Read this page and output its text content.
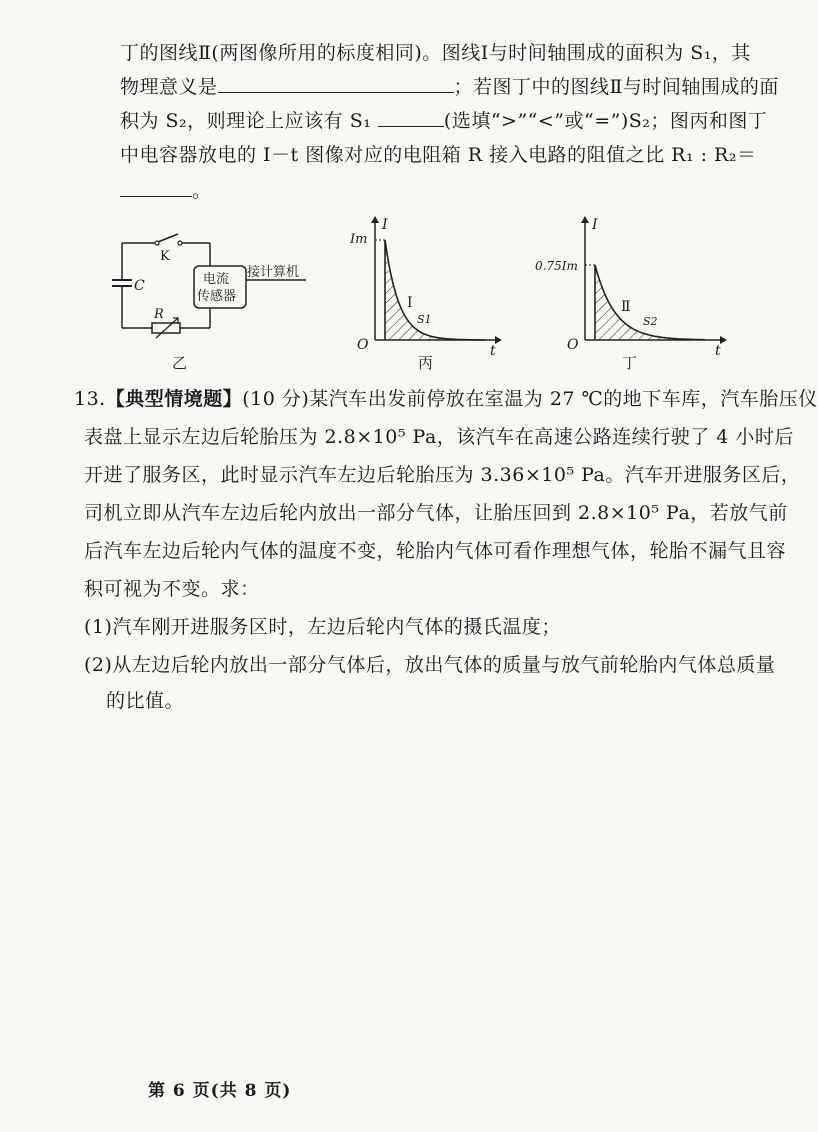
丁的图线Ⅱ(两图像所用的标度相同)。图线Ⅰ与时间轴围成的面积为 S₁，其
物理意义是	；若图丁中的图线Ⅱ与时间轴围成的面
积为 S₂，则理论上应该有 S₁	(选填“>”“<”或“=”)S₂；图丙和图丁
中电容器放电的 I－t 图像对应的电阻箱 R 接入电路的阻值之比 R₁ : R₂＝
。
K
C
R
电流
传感器
接计算机
乙
I
t
O
Im
Ⅰ
S1
丙
I
t
O
0.75Im
Ⅱ
S2
丁
13.【典型情境题】(10 分)某汽车出发前停放在室温为 27 ℃的地下车库，汽车胎压仪
表盘上显示左边后轮胎压为 2.8×10⁵ Pa，该汽车在高速公路连续行驶了 4 小时后
开进了服务区，此时显示汽车左边后轮胎压为 3.36×10⁵ Pa。汽车开进服务区后，
司机立即从汽车左边后轮内放出一部分气体，让胎压回到 2.8×10⁵ Pa，若放气前
后汽车左边后轮内气体的温度不变，轮胎内气体可看作理想气体，轮胎不漏气且容
积可视为不变。求：
(1)汽车刚开进服务区时，左边后轮内气体的摄氏温度；
(2)从左边后轮内放出一部分气体后，放出气体的质量与放气前轮胎内气体总质量
的比值。
第 6 页(共 8 页)
